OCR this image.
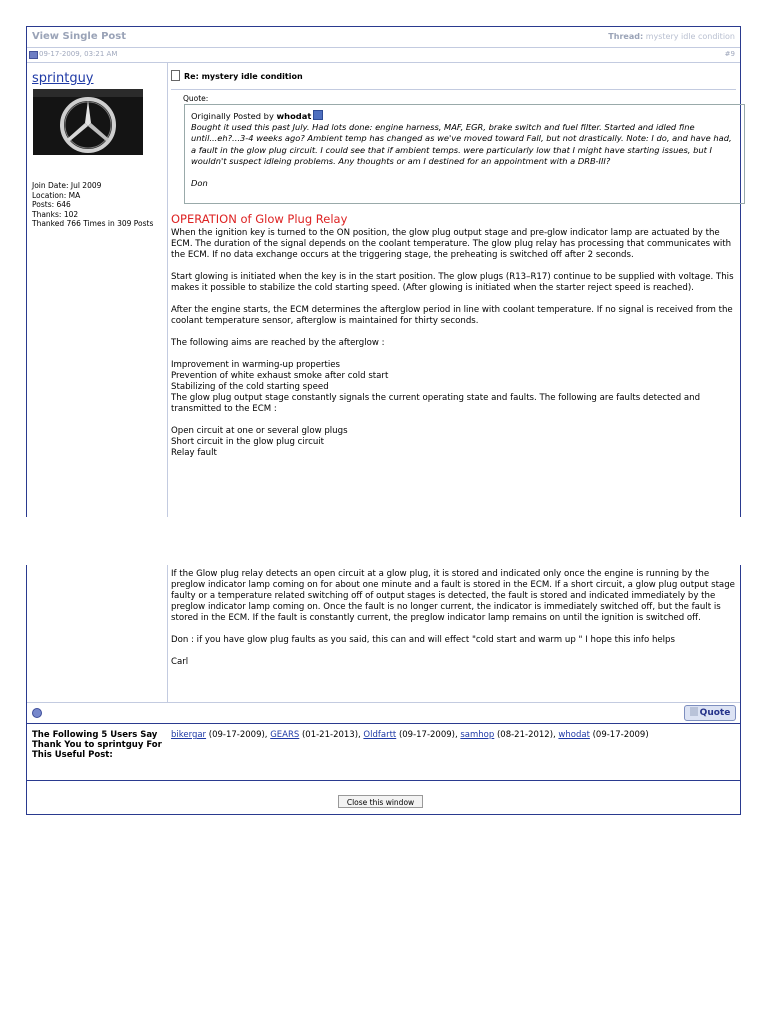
View Single Post	Thread: mystery idle condition
09-17-2009, 03:21 AM	#9
sprintguy
Join Date: Jul 2009
Location: MA
Posts: 646
Thanks: 102
Thanked 766 Times in 309 Posts
Re: mystery idle condition
Quote:
Originally Posted by whodat
Bought it used this past July. Had lots done: engine harness, MAF, EGR, brake switch and fuel filter. Started and idled fine until...eh?...3-4 weeks ago? Ambient temp has changed as we've moved toward Fall, but not drastically. Note: I do, and have had, a fault in the glow plug circuit. I could see that if ambient temps. were particularly low that I might have starting issues, but I wouldn't suspect idleing problems. Any thoughts or am I destined for an appointment with a DRB-III?
Don
OPERATION of Glow Plug Relay

When the ignition key is turned to the ON position, the glow plug output stage and pre-glow indicator lamp are actuated by the ECM. The duration of the signal depends on the coolant temperature. The glow plug relay has processing that communicates with the ECM. If no data exchange occurs at the triggering stage, the preheating is switched off after 2 seconds.

Start glowing is initiated when the key is in the start position. The glow plugs (R13–R17) continue to be supplied with voltage. This makes it possible to stabilize the cold starting speed. (After glowing is initiated when the starter reject speed is reached).

After the engine starts, the ECM determines the afterglow period in line with coolant temperature. If no signal is received from the coolant temperature sensor, afterglow is maintained for thirty seconds.

The following aims are reached by the afterglow :

Improvement in warming-up properties
Prevention of white exhaust smoke after cold start
Stabilizing of the cold starting speed
The glow plug output stage constantly signals the current operating state and faults. The following are faults detected and transmitted to the ECM :

Open circuit at one or several glow plugs
Short circuit in the glow plug circuit
Relay fault

If the Glow plug relay detects an open circuit at a glow plug, it is stored and indicated only once the engine is running by the preglow indicator lamp coming on for about one minute and a fault is stored in the ECM. If a short circuit, a glow plug output stage faulty or a temperature related switching off of output stages is detected, the fault is stored and indicated immediately by the preglow indicator lamp coming on. Once the fault is no longer current, the indicator is immediately switched off, but the fault is stored in the ECM. If the fault is constantly current, the preglow indicator lamp remains on until the ignition is switched off.

Don : if you have glow plug faults as you said, this can and will effect "cold start and warm up " I hope this info helps

Carl

Quote
The Following 5 Users Say Thank You to sprintguy For This Useful Post:
bikergar (09-17-2009), GEARS (01-21-2013), Oldfartt (09-17-2009), samhop (08-21-2012), whodat (09-17-2009)
Close this window
